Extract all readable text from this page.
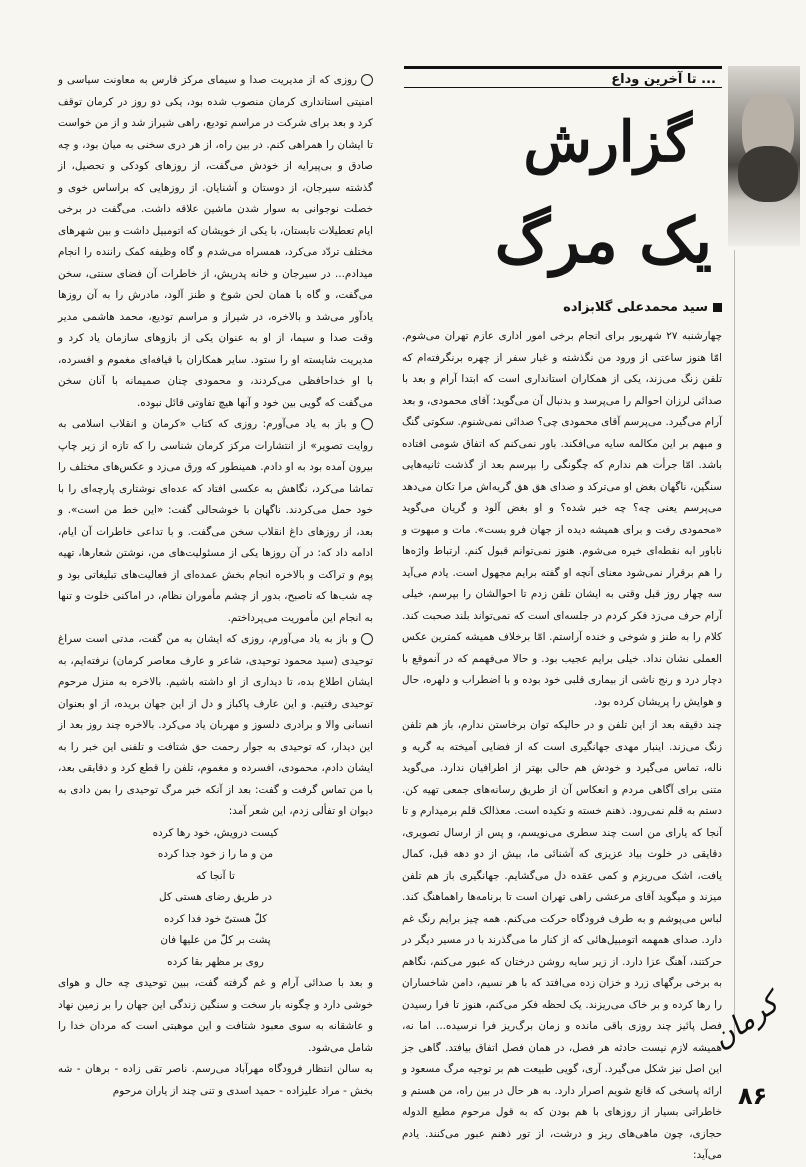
روزی که از مدیریت صدا و سیمای مرکز فارس به معاونت سیاسی و امنیتی استانداری کرمان منصوب شده بود، یکی دو روز در کرمان توقف کرد و بعد برای شرکت در مراسم تودیع، راهی شیراز شد و از من خواست تا ایشان را همراهی کنم. در بین راه، از هر دری سخنی به میان بود، و چه صادق و بی‌پیرایه از خودش می‌گفت، از روزهای کودکی و تحصیل، از گذشته سیرجان، از دوستان و آشنایان. از روزهایی که براساس خوی و خصلت نوجوانی به سوار شدن ماشین علاقه داشت. می‌گفت در برخی ایام تعطیلات تابستان، با یکی از خویشان که اتومبیل داشت و بین شهرهای مختلف تردّد می‌کرد، همسراه می‌شدم و گاه وظیفه کمک راننده را انجام میدادم... در سیرجان و خانه پدریش، از خاطرات آن فضای سنتی، سخن می‌گفت، و گاه با همان لحن شوخ و طنز آلود، مادرش را به آن روزها یادآور می‌شد و بالاخره، در شیراز و مراسم تودیع، محمد هاشمی مدیر وقت صدا و سیما، از او به عنوان یکی از بازوهای سازمان یاد کرد و مدیریت شایسته او را ستود. سایر همکاران با قیافه‌ای مغموم و افسرده، با او خداحافظی می‌کردند، و محمودی چنان صمیمانه با آنان سخن می‌گفت که گویی بین خود و آنها هیچ تفاوتی قائل نبوده.

و باز به یاد می‌آورم: روزی که کتاب «کرمان و انقلاب اسلامی به روایت تصویر» از انتشارات مرکز کرمان شناسی را که تازه از زیر چاپ بیرون آمده بود به او دادم. همینطور که ورق می‌زد و عکس‌های مختلف را تماشا می‌کرد، نگاهش به عکسی افتاد که عده‌ای نوشتاری پارچه‌ای را با خود حمل می‌کردند. ناگهان با خوشحالی گفت: «این خط من است». و بعد، از روزهای داغ انقلاب سخن می‌گفت. و با تداعی خاطرات آن ایام، ادامه داد که: در آن روزها یکی از مسئولیت‌های من، نوشتن شعارها، تهیه پوم و تراکت و بالاخره انجام بخش عمده‌ای از فعالیت‌های تبلیغاتی بود و چه شب‌ها که تاصبح، بدور از چشم مأموران نظام، در اماکنی خلوت و تنها به انجام این مأموریت می‌پرداختم.

و باز به یاد می‌آورم، روزی که ایشان به من گفت، مدتی است سراغ توحیدی (سید محمود توحیدی، شاعر و عارف معاصر کرمان) نرفته‌ایم، به ایشان اطلاع بده، تا دیداری از او داشته باشیم. بالاخره به منزل مرحوم توحیدی رفتیم. و این عارف پاکباز و دل از این جهان بریده، از او بعنوان انسانی والا و برادری دلسوز و مهربان یاد می‌کرد. بالاخره چند روز بعد از این دیدار، که توحیدی به جوار رحمت حق شتافت و تلفنی این خبر را به ایشان دادم، محمودی، افسرده و مغموم، تلفن را قطع کرد و دقایقی بعد، با من تماس گرفت و گفت: بعد از آنکه خبر مرگ توحیدی را بمن دادی به دیوان او تفألی زدم، این شعر آمد:

کیست درویش، خود رها کرده
من و ما را ز خود جدا کرده
تا آنجا که
در طریق رضای هستی کل
کلّ هستیّ خود فدا کرده
پشت بر کلّ من علیها فان
روی بر مظهر بقا کرده

و بعد با صدائی آرام و غم گرفته گفت، ببین توحیدی چه حال و هوای خوشی دارد و چگونه بار سخت و سنگین زندگی این جهان را بر زمین نهاد و عاشقانه به سوی معبود شتافت و این موهبتی است که مردان خدا را شامل می‌شود.

به سالن انتظار فرودگاه مهرآباد می‌رسم. ناصر تقی زاده - برهان - شه بخش - مراد علیزاده - حمید اسدی و تنی چند از یاران مرحوم

... تا آخرین وداع
گزارش
یک مرگ
سید محمدعلی گلابزاده

چهارشنبه ۲۷ شهریور برای انجام برخی امور اداری عازم تهران می‌شوم. امّا هنوز ساعتی از ورود من نگذشته و غبار سفر از چهره برنگرفته‌ام که تلفن زنگ می‌زند، یکی از همکاران استانداری است که ابتدا آرام و بعد با صدائی لرزان احوالم را می‌پرسد و بدنبال آن می‌گوید: آقای محمودی، و بعد آرام می‌گیرد. می‌پرسم آقای محمودی چی؟ صدائی نمی‌شنوم. سکوتی گنگ و مبهم بر این مکالمه سایه می‌افکند. باور نمی‌کنم که اتفاق شومی افتاده باشد. امّا جرأت هم ندارم که چگونگی را بپرسم بعد از گذشت ثانیه‌هایی سنگین، ناگهان بغض او می‌ترکد و صدای هق هق گریه‌اش مرا تکان می‌دهد می‌پرسم یعنی چه؟ چه خبر شده؟ و او بغض آلود و گریان می‌گوید «محمودی رفت و برای همیشه دیده از جهان فرو بست». مات و مبهوت و ناباور ابه نقطه‌ای خیره می‌شوم. هنوز نمی‌توانم قبول کنم. ارتباط واژه‌ها را هم برقرار نمی‌شود معنای آنچه او گفته برایم مجهول است. یادم می‌آید سه چهار روز قبل وقتی به ایشان تلفن زدم تا احوالشان را بپرسم، خیلی آرام حرف می‌زد فکر کردم در جلسه‌ای است که نمی‌تواند بلند صحبت کند. کلام را به طنز و شوخی و خنده آراستم. امّا برخلاف همیشه کمترین عکس العملی نشان نداد. خیلی برایم عجیب بود. و حالا می‌فهمم که در آنموقع با دچار درد و رنج ناشی از بیماری قلبی خود بوده و با اضطراب و دلهره، حال و هوایش را پریشان کرده بود.

چند دقیقه بعد از این تلفن و در حالیکه توان برخاستن ندارم، باز هم تلفن زنگ می‌زند. اینبار مهدی جهانگیری است که از فضایی آمیخته به گریه و ناله، تماس می‌گیرد و خودش هم حالی بهتر از اطرافیان ندارد. می‌گوید متنی برای آگاهی مردم و انعکاس آن از طریق رسانه‌های جمعی تهیه کن. دستم به قلم نمی‌رود. ذهنم خسته و تکیده است. معذالک قلم برمیدارم و تا آنجا که یارای من است چند سطری می‌نویسم، و پس از ارسال تصویری، دقایقی در خلوت بیاد عزیزی که آشنائی ما، بیش از دو دهه قبل، کمال یافت، اشک می‌ریزم و کمی عقده دل می‌گشایم. جهانگیری باز هم تلفن میزند و میگوید آقای مرعشی راهی تهران است تا برنامه‌ها راهماهنگ کند. لباس می‌پوشم و به طرف فرودگاه حرکت می‌کنم. همه چیز برایم رنگ غم دارد. صدای همهمه اتومبیل‌هائی که از کنار ما می‌گذرند با در مسیر دیگر در حرکتند، آهنگ عزا دارد. از زیر سایه روشن درختان که عبور می‌کنم، نگاهم به برخی برگهای زرد و خزان زده می‌افتد که با هر نسیم، دامن شاخساران را رها کرده و بر خاک می‌ریزند. یک لحظه فکر می‌کنم، هنوز تا فرا رسیدن فصل پائیز چند روزی باقی مانده و زمان برگ‌ریز فرا نرسیده... اما نه، همیشه لازم نیست حادثه هر فصل، در همان فصل اتفاق بیافتد. گاهی جز این اصل نیز شکل می‌گیرد. آری، گویی طبیعت هم بر توجیه مرگ مسعود و ارائه پاسخی که قانع شویم اصرار دارد. به هر حال در بین راه، من هستم و خاطراتی بسیار از روزهای با هم بودن که به قول مرحوم مطیع الدوله حجازی، چون ماهی‌های ریز و درشت، از تور ذهنم عبور می‌کنند. یادم می‌آید:

کرمان
۸۶
